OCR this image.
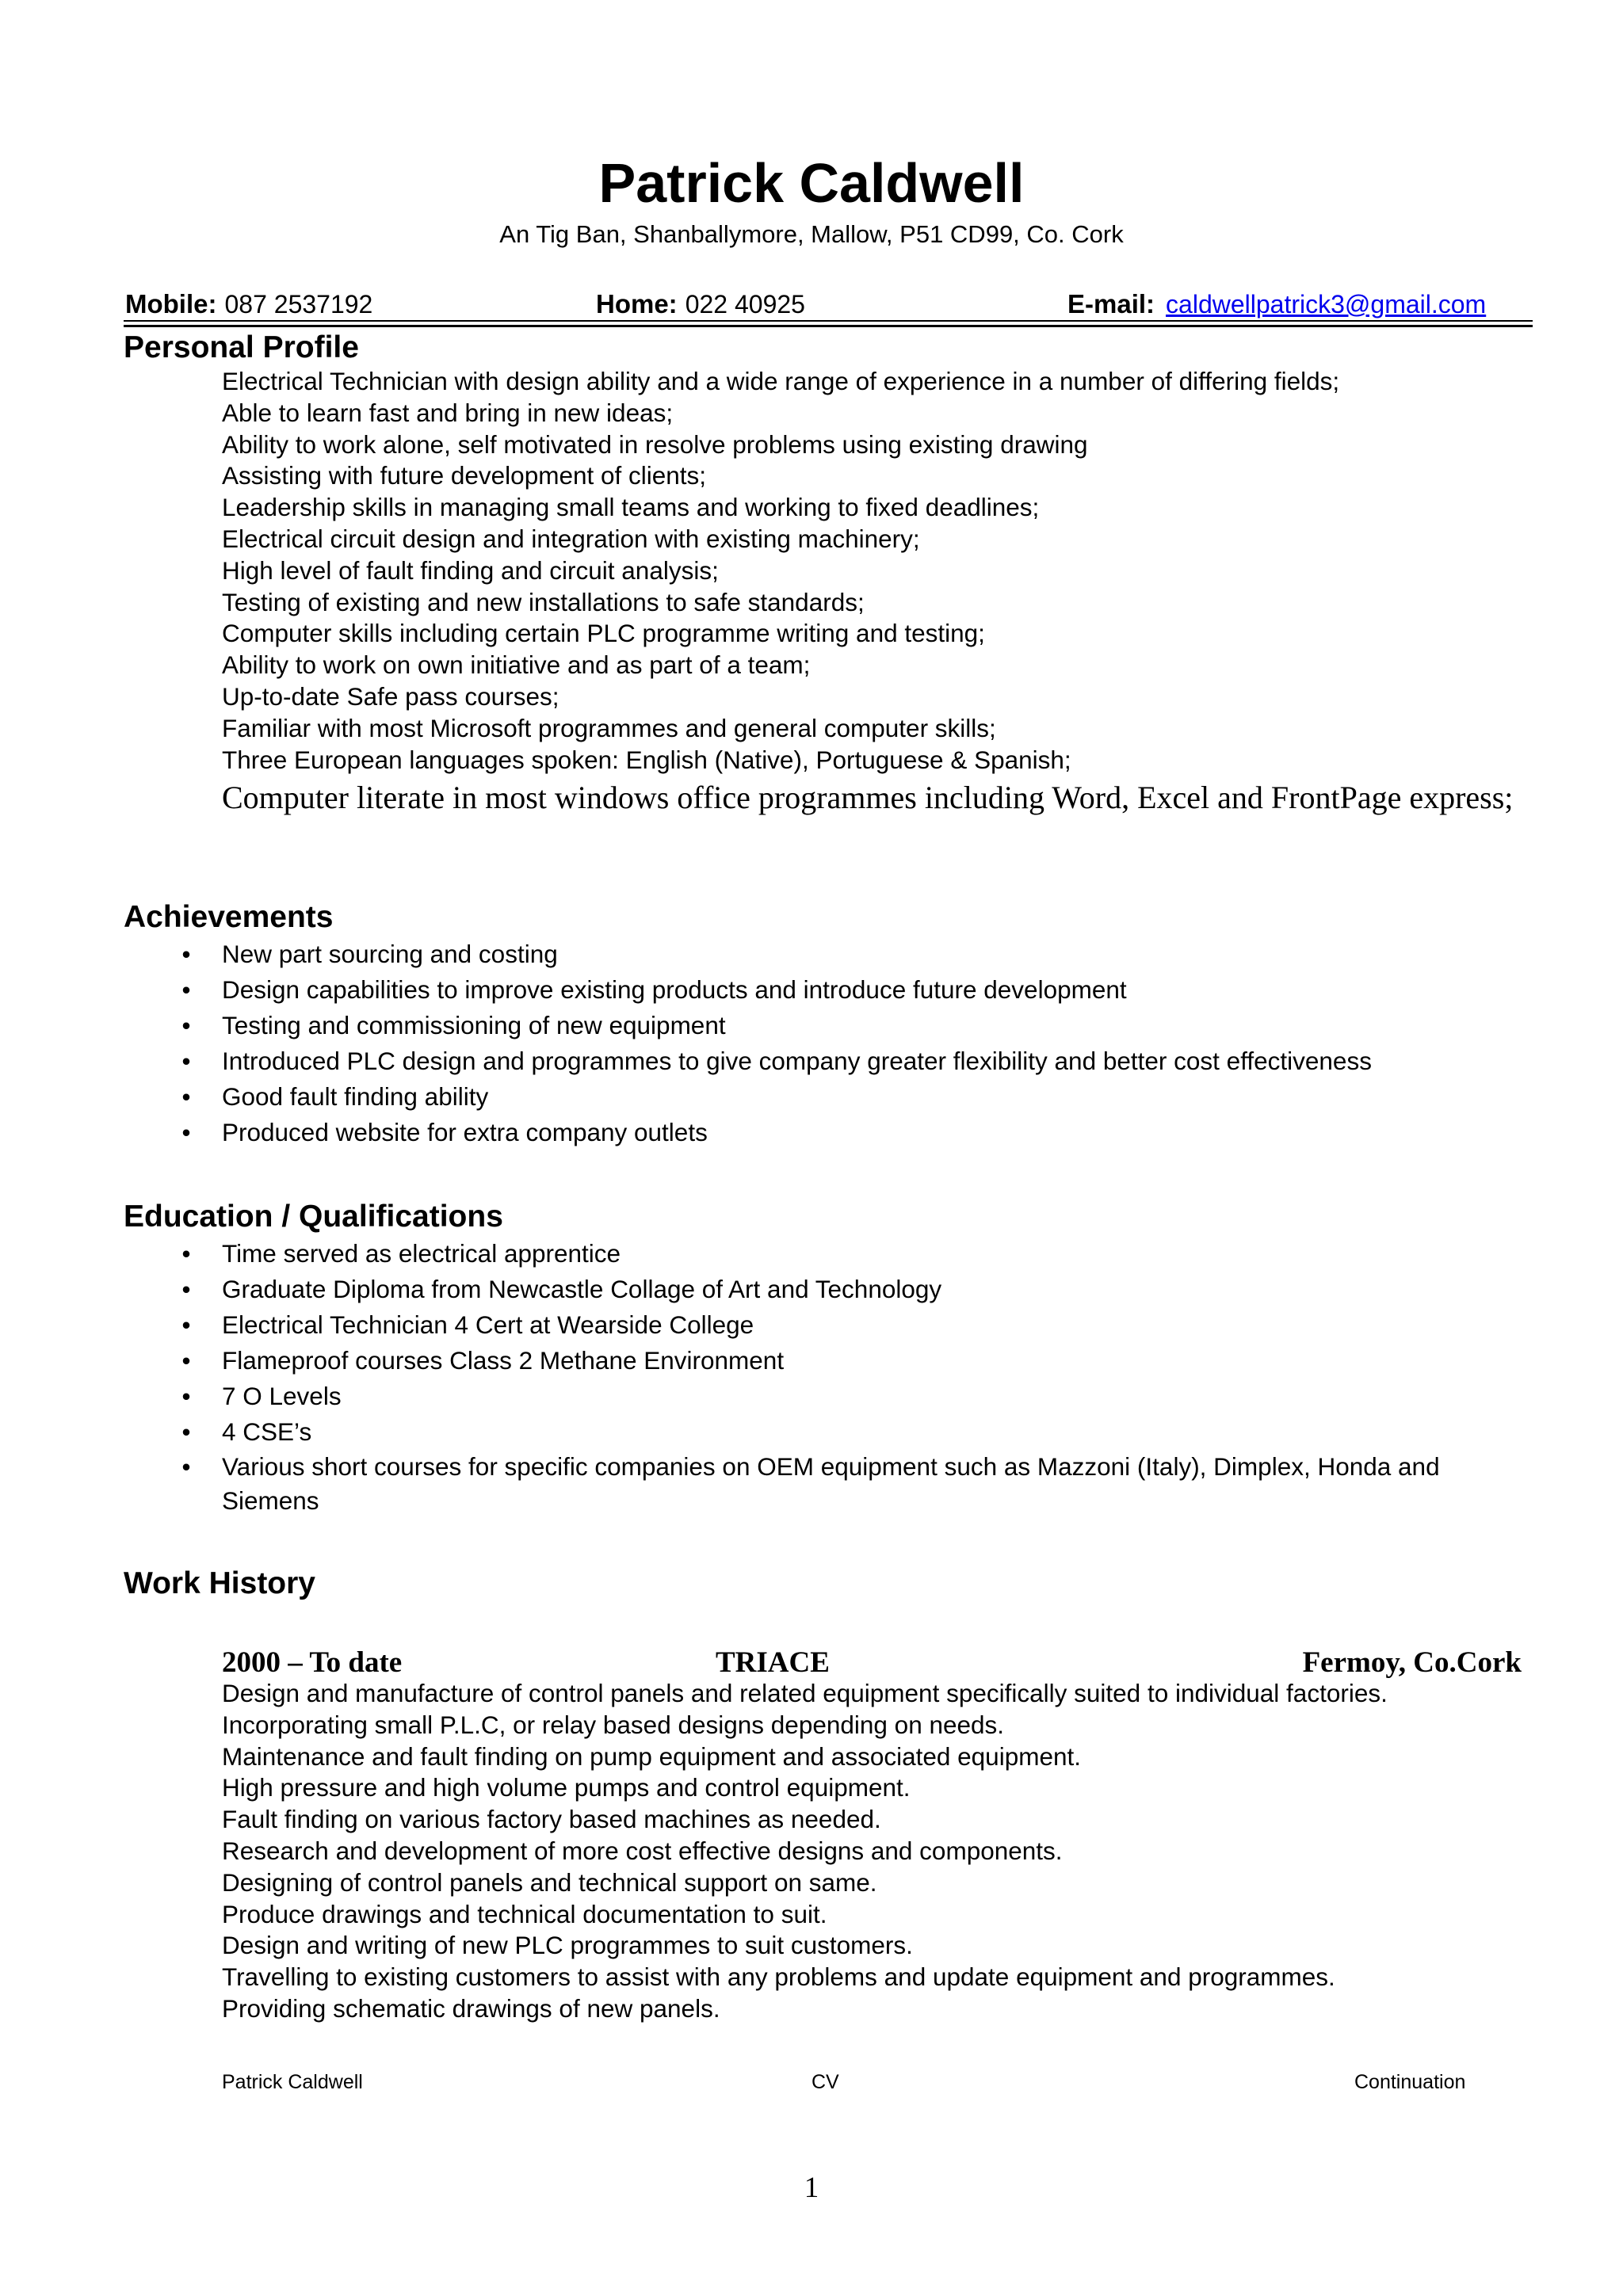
Patrick Caldwell
An Tig Ban, Shanballymore, Mallow, P51 CD99, Co. Cork
Mobile: 087 2537192	Home: 022 40925	E-mail: caldwellpatrick3@gmail.com
Personal Profile
Electrical Technician with design ability and a wide range of experience in a number of differing fields;
Able to learn fast and bring in new ideas;
Ability to work alone, self motivated in resolve problems using existing drawing
Assisting with future development of clients;
Leadership skills in managing small teams and working to fixed deadlines;
Electrical circuit design and integration with existing machinery;
High level of fault finding and circuit analysis;
Testing of existing and new installations to safe standards;
Computer skills including certain PLC programme writing and testing;
Ability to work on own initiative and as part of a team;
Up-to-date Safe pass courses;
Familiar with most Microsoft programmes and general computer skills;
Three European languages spoken: English (Native), Portuguese & Spanish;
Computer literate in most windows office programmes including Word, Excel and FrontPage express;
Achievements
• New part sourcing and costing
• Design capabilities to improve existing products and introduce future development
• Testing and commissioning of new equipment
• Introduced PLC design and programmes to give company greater flexibility and better cost effectiveness
• Good fault finding ability
• Produced website for extra company outlets
Education / Qualifications
• Time served as electrical apprentice
• Graduate Diploma from Newcastle Collage of Art and Technology
• Electrical Technician 4 Cert at Wearside College
• Flameproof courses Class 2 Methane Environment
• 7 O Levels
• 4 CSE’s
• Various short courses for specific companies on OEM equipment such as Mazzoni (Italy), Dimplex, Honda and Siemens
Work History
2000 – To date	TRIACE	Fermoy, Co.Cork
Design and manufacture of control panels and related equipment specifically suited to individual factories.
Incorporating small P.L.C, or relay based designs depending on needs.
Maintenance and fault finding on pump equipment and associated equipment.
High pressure and high volume pumps and control equipment.
Fault finding on various factory based machines as needed.
Research and development of more cost effective designs and components.
Designing of control panels and technical support on same.
Produce drawings and technical documentation to suit.
Design and writing of new PLC programmes to suit customers.
Travelling to existing customers to assist with any problems and update equipment and programmes.
Providing schematic drawings of new panels.
Patrick Caldwell	CV	Continuation
1
